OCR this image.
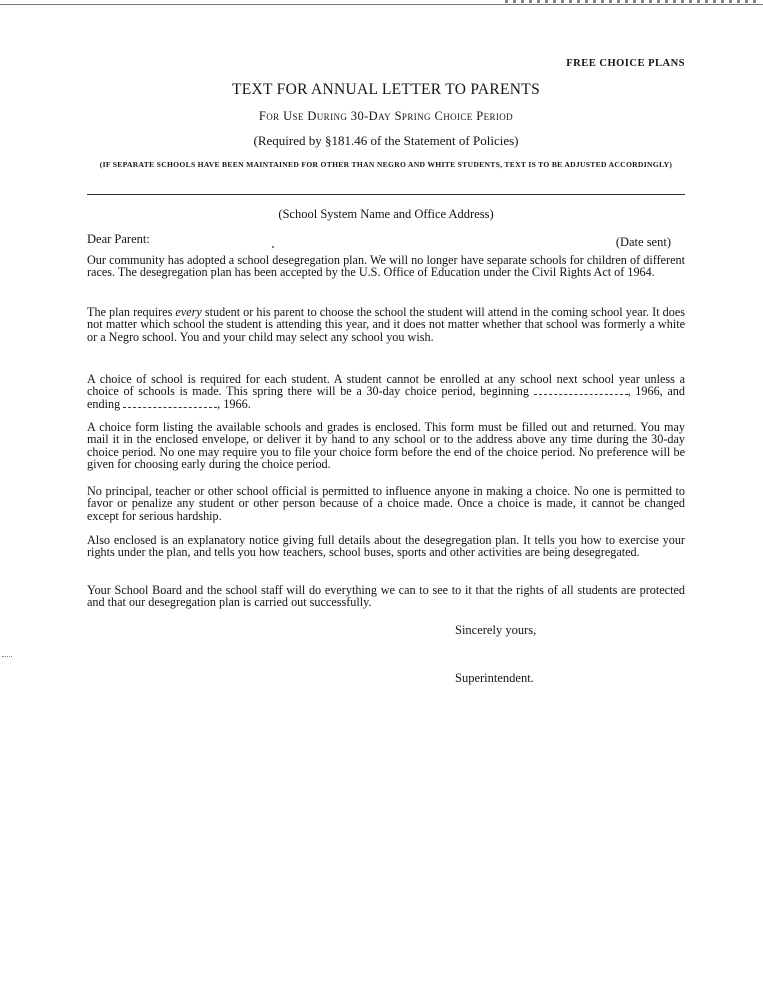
FREE CHOICE PLANS
TEXT FOR ANNUAL LETTER TO PARENTS
For Use During 30-Day Spring Choice Period
(Required by §181.46 of the Statement of Policies)
(IF SEPARATE SCHOOLS HAVE BEEN MAINTAINED FOR OTHER THAN NEGRO AND WHITE STUDENTS, TEXT IS TO BE ADJUSTED ACCORDINGLY)
(School System Name and Office Address)
Dear Parent:	(Date sent)
Our community has adopted a school desegregation plan. We will no longer have separate schools for children of different races. The desegregation plan has been accepted by the U.S. Office of Education under the Civil Rights Act of 1964.
The plan requires every student or his parent to choose the school the student will attend in the coming school year. It does not matter which school the student is attending this year, and it does not matter whether that school was formerly a white or a Negro school. You and your child may select any school you wish.
A choice of school is required for each student. A student cannot be enrolled at any school next school year unless a choice of schools is made. This spring there will be a 30-day choice period, beginning	, 1966, and ending	, 1966.
A choice form listing the available schools and grades is enclosed. This form must be filled out and returned. You may mail it in the enclosed envelope, or deliver it by hand to any school or to the address above any time during the 30-day choice period. No one may require you to file your choice form before the end of the choice period. No preference will be given for choosing early during the choice period.
No principal, teacher or other school official is permitted to influence anyone in making a choice. No one is permitted to favor or penalize any student or other person because of a choice made. Once a choice is made, it cannot be changed except for serious hardship.
Also enclosed is an explanatory notice giving full details about the desegregation plan. It tells you how to exercise your rights under the plan, and tells you how teachers, school buses, sports and other activities are being desegregated.
Your School Board and the school staff will do everything we can to see to it that the rights of all students are protected and that our desegregation plan is carried out successfully.
Sincerely yours,
Superintendent.
